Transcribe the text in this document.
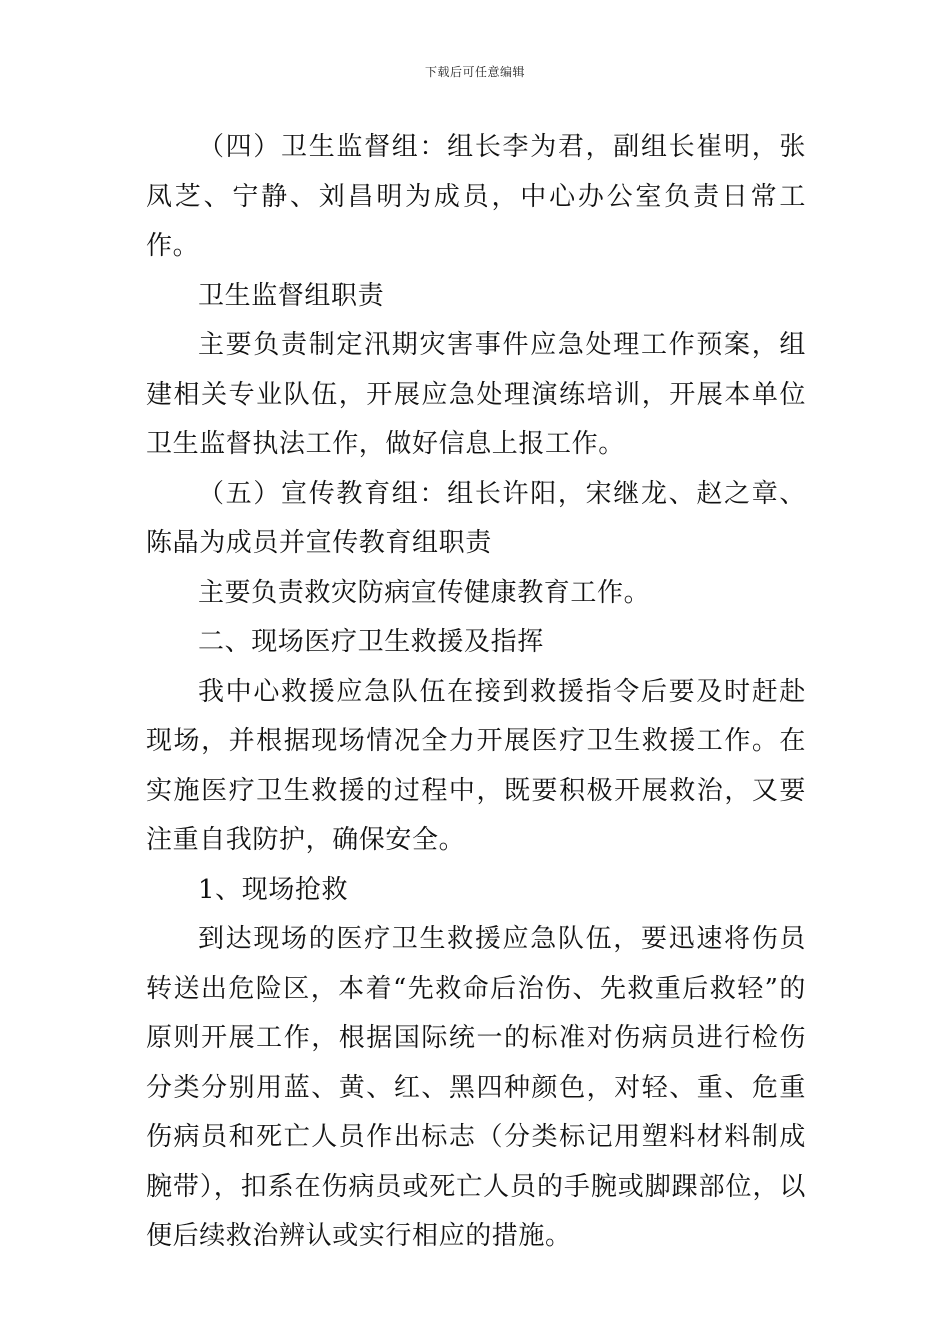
下载后可任意编辑

（四）卫生监督组：组长李为君，副组长崔明，张凤芝、宁静、刘昌明为成员，中心办公室负责日常工作。

卫生监督组职责

主要负责制定汛期灾害事件应急处理工作预案，组建相关专业队伍，开展应急处理演练培训，开展本单位卫生监督执法工作，做好信息上报工作。

（五）宣传教育组：组长许阳，宋继龙、赵之章、陈晶为成员并宣传教育组职责

主要负责救灾防病宣传健康教育工作。

二、现场医疗卫生救援及指挥

我中心救援应急队伍在接到救援指令后要及时赶赴现场，并根据现场情况全力开展医疗卫生救援工作。在实施医疗卫生救援的过程中，既要积极开展救治，又要注重自我防护，确保安全。

1、现场抢救

到达现场的医疗卫生救援应急队伍，要迅速将伤员转送出危险区，本着“先救命后治伤、先救重后救轻”的原则开展工作，根据国际统一的标准对伤病员进行检伤分类分别用蓝、黄、红、黑四种颜色，对轻、重、危重伤病员和死亡人员作出标志（分类标记用塑料材料制成腕带），扣系在伤病员或死亡人员的手腕或脚踝部位，以便后续救治辨认或实行相应的措施。
